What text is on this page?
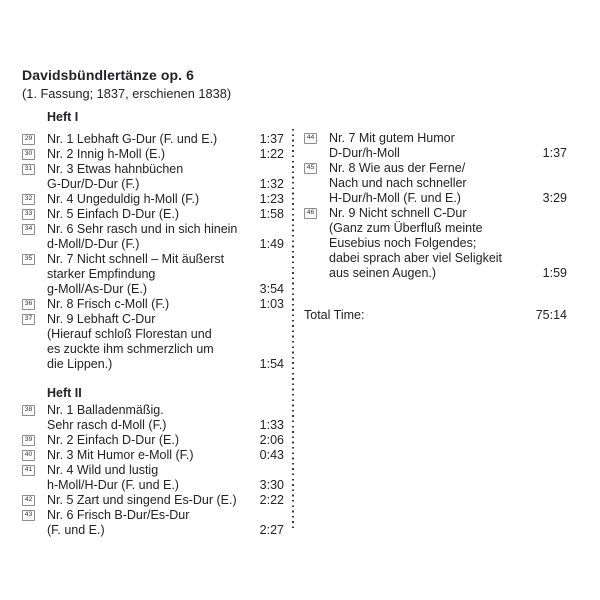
Davidsbündlertänze op. 6
(1. Fassung; 1837, erschienen 1838)
Heft I
29 Nr. 1 Lebhaft G-Dur (F. und E.)	1:37
30 Nr. 2 Innig h-Moll (E.)	1:22
31 Nr. 3 Etwas hahnbüchen
G-Dur/D-Dur (F.)	1:32
32 Nr. 4 Ungeduldig h-Moll (F.)	1:23
33 Nr. 5 Einfach D-Dur (E.)	1:58
34 Nr. 6 Sehr rasch und in sich hinein
d-Moll/D-Dur (F.)	1:49
35 Nr. 7 Nicht schnell – Mit äußerst
starker Empfindung
g-Moll/As-Dur (E.)	3:54
36 Nr. 8 Frisch c-Moll (F.)	1:03
37 Nr. 9 Lebhaft C-Dur
(Hierauf schloß Florestan und
es zuckte ihm schmerzlich um
die Lippen.)	1:54
Heft II
38 Nr. 1 Balladenmäßig.
Sehr rasch d-Moll (F.)	1:33
39 Nr. 2 Einfach D-Dur (E.)	2:06
40 Nr. 3 Mit Humor e-Moll (F.)	0:43
41 Nr. 4 Wild und lustig
h-Moll/H-Dur (F. und E.)	3:30
42 Nr. 5 Zart und singend Es-Dur (E.)	2:22
43 Nr. 6 Frisch B-Dur/Es-Dur
(F. und E.)	2:27
44 Nr. 7 Mit gutem Humor
D-Dur/h-Moll	1:37
45 Nr. 8 Wie aus der Ferne/
Nach und nach schneller
H-Dur/h-Moll (F. und E.)	3:29
46 Nr. 9 Nicht schnell C-Dur
(Ganz zum Überfluß meinte
Eusebius noch Folgendes;
dabei sprach aber viel Seligkeit
aus seinen Augen.)	1:59
Total Time:	75:14
